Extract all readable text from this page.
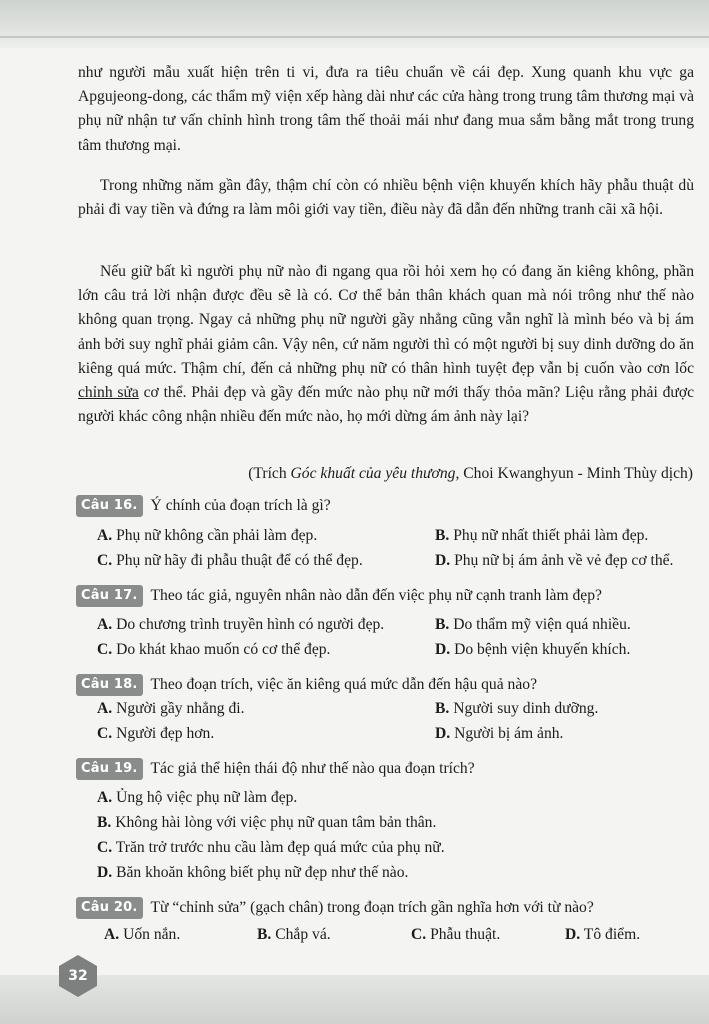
như người mẫu xuất hiện trên ti vi, đưa ra tiêu chuẩn về cái đẹp. Xung quanh khu vực ga Apgujeong-dong, các thẩm mỹ viện xếp hàng dài như các cửa hàng trong trung tâm thương mại và phụ nữ nhận tư vấn chỉnh hình trong tâm thế thoải mái như đang mua sắm bằng mắt trong trung tâm thương mại.
Trong những năm gần đây, thậm chí còn có nhiều bệnh viện khuyến khích hãy phẫu thuật dù phải đi vay tiền và đứng ra làm môi giới vay tiền, điều này đã dẫn đến những tranh cãi xã hội.
Nếu giữ bất kì người phụ nữ nào đi ngang qua rồi hỏi xem họ có đang ăn kiêng không, phần lớn câu trả lời nhận được đều sẽ là có. Cơ thể bản thân khách quan mà nói trông như thế nào không quan trọng. Ngay cả những phụ nữ người gầy nhẳng cũng vẫn nghĩ là mình béo và bị ám ảnh bởi suy nghĩ phải giảm cân. Vậy nên, cứ năm người thì có một người bị suy dinh dưỡng do ăn kiêng quá mức. Thậm chí, đến cả những phụ nữ có thân hình tuyệt đẹp vẫn bị cuốn vào cơn lốc chỉnh sửa cơ thể. Phải đẹp và gầy đến mức nào phụ nữ mới thấy thỏa mãn? Liệu rằng phải được người khác công nhận nhiều đến mức nào, họ mới dừng ám ảnh này lại?
(Trích Góc khuất của yêu thương, Choi Kwanghyun - Minh Thùy dịch)
Câu 16. Ý chính của đoạn trích là gì?
A. Phụ nữ không cần phải làm đẹp.	B. Phụ nữ nhất thiết phải làm đẹp.
C. Phụ nữ hãy đi phẫu thuật để có thể đẹp.	D. Phụ nữ bị ám ảnh về vẻ đẹp cơ thể.
Câu 17. Theo tác giả, nguyên nhân nào dẫn đến việc phụ nữ cạnh tranh làm đẹp?
A. Do chương trình truyền hình có người đẹp.	B. Do thẩm mỹ viện quá nhiều.
C. Do khát khao muốn có cơ thể đẹp.	D. Do bệnh viện khuyến khích.
Câu 18. Theo đoạn trích, việc ăn kiêng quá mức dẫn đến hậu quả nào?
A. Người gầy nhẳng đi.	B. Người suy dinh dưỡng.
C. Người đẹp hơn.	D. Người bị ám ảnh.
Câu 19. Tác giả thể hiện thái độ như thế nào qua đoạn trích?
A. Ủng hộ việc phụ nữ làm đẹp.
B. Không hài lòng với việc phụ nữ quan tâm bản thân.
C. Trăn trở trước nhu cầu làm đẹp quá mức của phụ nữ.
D. Băn khoăn không biết phụ nữ đẹp như thế nào.
Câu 20. Từ “chỉnh sửa” (gạch chân) trong đoạn trích gần nghĩa hơn với từ nào?
A. Uốn nắn.	B. Chắp vá.	C. Phẫu thuật.	D. Tô điểm.
32
